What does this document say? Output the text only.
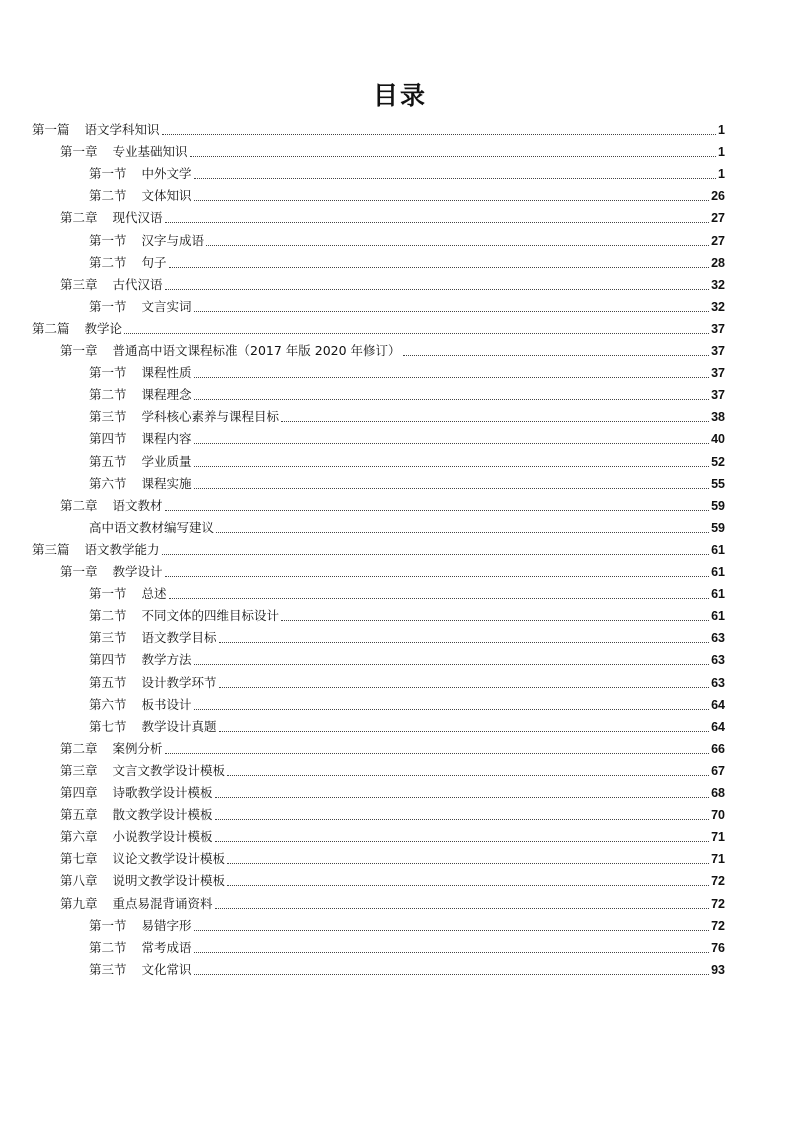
目录
第一篇 语文学科知识	1
第一章 专业基础知识	1
第一节 中外文学	1
第二节 文体知识	26
第二章 现代汉语	27
第一节 汉字与成语	27
第二节 句子	28
第三章 古代汉语	32
第一节 文言实词	32
第二篇 教学论	37
第一章 普通高中语文课程标准（2017 年版 2020 年修订）	37
第一节 课程性质	37
第二节 课程理念	37
第三节 学科核心素养与课程目标	38
第四节 课程内容	40
第五节 学业质量	52
第六节 课程实施	55
第二章 语文教材	59
高中语文教材编写建议	59
第三篇 语文教学能力	61
第一章 教学设计	61
第一节 总述	61
第二节 不同文体的四维目标设计	61
第三节 语文教学目标	63
第四节 教学方法	63
第五节 设计教学环节	63
第六节 板书设计	64
第七节 教学设计真题	64
第二章 案例分析	66
第三章 文言文教学设计模板	67
第四章 诗歌教学设计模板	68
第五章 散文教学设计模板	70
第六章 小说教学设计模板	71
第七章 议论文教学设计模板	71
第八章 说明文教学设计模板	72
第九章 重点易混背诵资料	72
第一节 易错字形	72
第二节 常考成语	76
第三节 文化常识	93
